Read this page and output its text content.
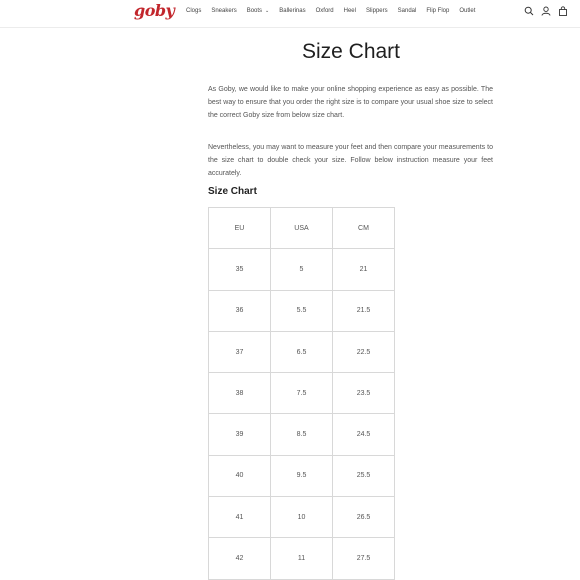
goby Clogs Sneakers Boots ⌄ Ballerinas Oxford Heel Slippers Sandal Flip Flop Outlet
Size Chart

As Goby, we would like to make your online shopping experience as easy as possible. The best way to ensure that you order the right size is to compare your usual shoe size to select the correct Goby size from below size chart.

Nevertheless, you may want to measure your feet and then compare your measurements to the size chart to double check your size. Follow below instruction measure your feet accurately.

Size Chart
EU	USA	CM
35	5	21
36	5.5	21.5
37	6.5	22.5
38	7.5	23.5
39	8.5	24.5
40	9.5	25.5
41	10	26.5
42	11	27.5
